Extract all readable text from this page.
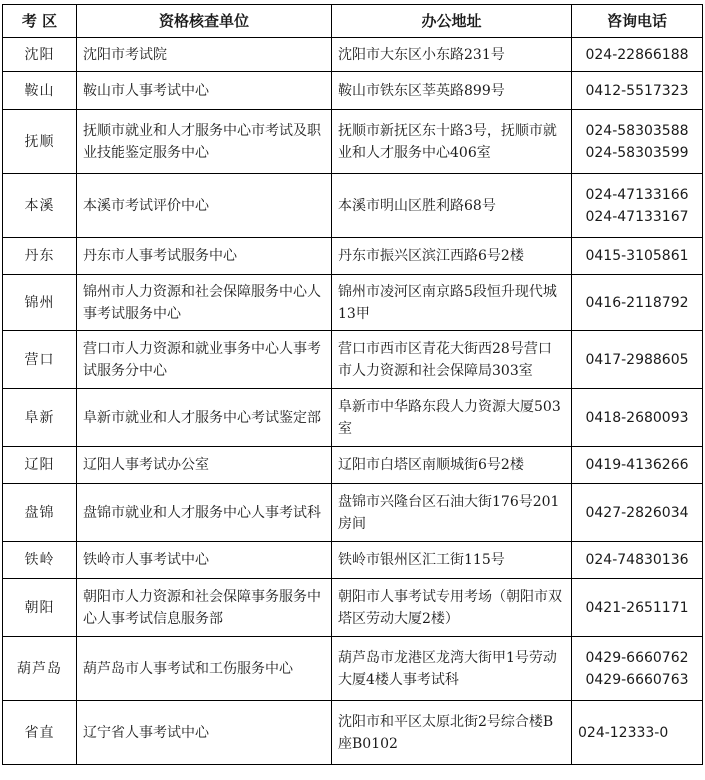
考 区	资格核查单位	办公地址	咨询电话
沈阳	沈阳市考试院	沈阳市大东区小东路231号	024-22866188

鞍山	鞍山市人事考试中心	鞍山市铁东区莘英路899号	0412-5517323

抚顺	抚顺市就业和人才服务中心市考试及职业技能鉴定服务中心	抚顺市新抚区东十路3号，抚顺市就业和人才服务中心406室	024-58303588
024-58303599

本溪	本溪市考试评价中心	本溪市明山区胜利路68号	024-47133166
024-47133167

丹东	丹东市人事考试服务中心	丹东市振兴区滨江西路6号2楼	0415-3105861

锦州	锦州市人力资源和社会保障服务中心人事考试服务中心	锦州市凌河区南京路5段恒升现代城13甲	0416-2118792

营口	营口市人力资源和就业事务中心人事考试服务分中心	营口市西市区青花大街西28号营口市人力资源和社会保障局303室	0417-2988605

阜新	阜新市就业和人才服务中心考试鉴定部	阜新市中华路东段人力资源大厦503室	0418-2680093

辽阳	辽阳人事考试办公室	辽阳市白塔区南顺城街6号2楼	0419-4136266

盘锦	盘锦市就业和人才服务中心人事考试科	盘锦市兴隆台区石油大街176号201房间	0427-2826034

铁岭	铁岭市人事考试中心	铁岭市银州区汇工街115号	024-74830136

朝阳	朝阳市人力资源和社会保障事务服务中心人事考试信息服务部	朝阳市人事考试专用考场（朝阳市双塔区劳动大厦2楼）	0421-2651171

葫芦岛	葫芦岛市人事考试和工伤服务中心	葫芦岛市龙港区龙湾大街甲1号劳动大厦4楼人事考试科	0429-6660762
0429-6660763

省直	辽宁省人事考试中心	沈阳市和平区太原北街2号综合楼B座B0102	024-12333-0
